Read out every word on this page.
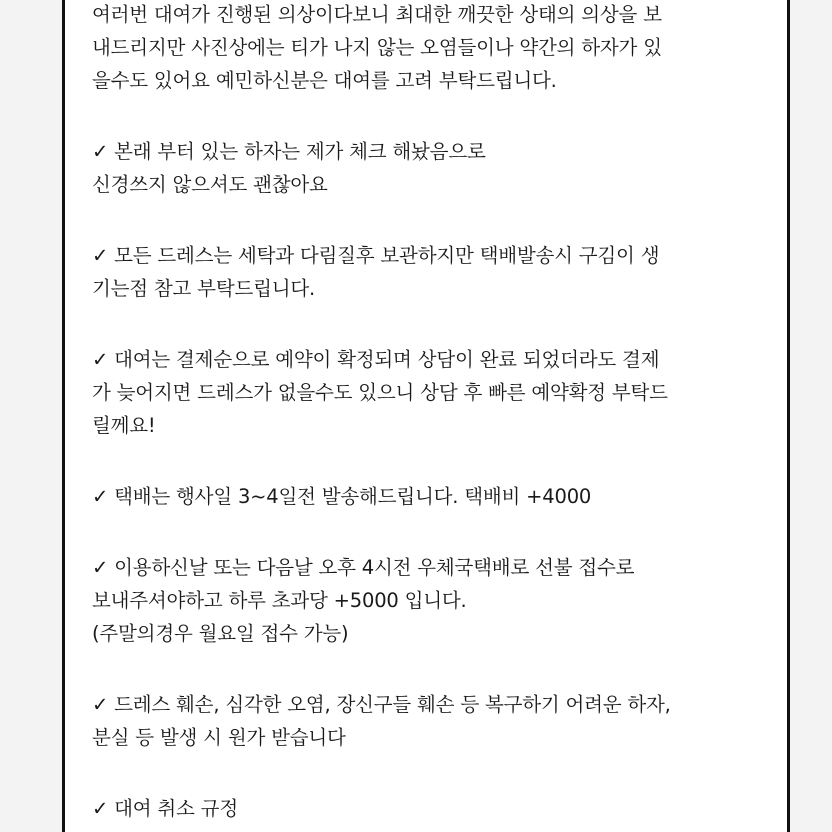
여러번 대여가 진행된 의상이다보니 최대한 깨끗한 상태의 의상을 보
내드리지만 사진상에는 티가 나지 않는 오염들이나 약간의 하자가 있
을수도 있어요 예민하신분은 대여를 고려 부탁드립니다.
✓ 본래 부터 있는 하자는 제가 체크 해놨음으로
신경쓰지 않으셔도 괜찮아요
✓ 모든 드레스는 세탁과 다림질후 보관하지만 택배발송시 구김이 생
기는점 참고 부탁드립니다.
✓ 대여는 결제순으로 예약이 확정되며 상담이 완료 되었더라도 결제
가 늦어지면 드레스가 없을수도 있으니 상담 후 빠른 예약확정 부탁드
릴께요!
✓ 택배는 행사일 3~4일전 발송해드립니다. 택배비 +4000
✓ 이용하신날 또는 다음날 오후 4시전 우체국택배로 선불 접수로
보내주셔야하고 하루 초과당 +5000 입니다.
(주말의경우 월요일 접수 가능)
✓ 드레스 훼손, 심각한 오염, 장신구들 훼손 등 복구하기 어려운 하자,
분실 등 발생 시 원가 받습니다
✓ 대여 취소 규정
